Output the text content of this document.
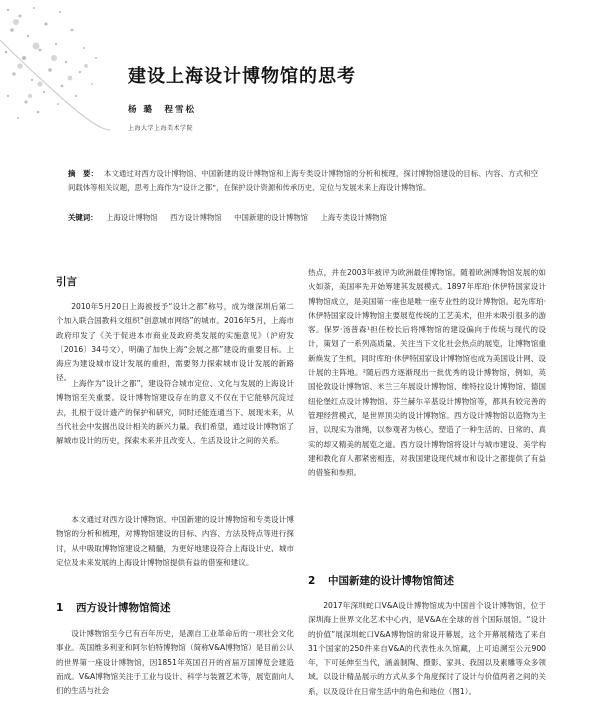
建设上海设计博物馆的思考
杨 璐　程雪松
上海大学上海美术学院
摘　要： 本文通过对西方设计博物馆、中国新建的设计博物馆和上海专类设计博物馆的分析和梳理，探讨博物馆建设的目标、内容、方式和空间载体等相关议题，思考上海作为“设计之都”，在保护设计资源和传承历史、定位与发展未来上海设计博物馆。
关键词： 上海设计博物馆 西方设计博物馆 中国新建的设计博物馆 上海专类设计博物馆
引言

2010年5月20日上海被授予“设计之都”称号，成为继深圳后第二个加入联合国教科文组织“创意城市网络”的城市。2016年5月，上海市政府印发了《关于促进本市商业及政府类发展的实施意见》（沪府发〔2016〕34号文），明确了加快上海“会展之都”建设的重要目标。上海应为建设城市设计发展的重担，需要努力探索城市设计发展的新路径。

上海作为“设计之都”，建设符合城市定位、文化与发展的上海设计博物馆至关重要。设计博物馆建设存在的意义不仅在于它能够沉淀过去，扎根于设计遗产的保护和研究，同时还能连通当下、展现未来，从当代社会中发掘出设计相关的新兴力量。我们希望，通过设计博物馆了解城市设计的历史，探索未来并且改变人、生活及设计之间的关系。

本文通过对西方设计博物馆、中国新建的设计博物馆和专类设计博物馆的分析和梳理，对博物馆建设的目标、内容、方法及特点等进行探讨，从中吸取博物馆建设之精髓，为更好地建设符合上海设计史、城市定位及未来发展的上海设计博物馆提供有益的借鉴和建议。

1 西方设计博物馆简述

设计博物馆至今已有百年历史，是源自工业革命后的一项社会文化事业。英国维多利亚和阿尔伯特博物馆（简称V&A博物馆）是目前公认的世界第一座设计博物馆，因1851年英国召开的首届万国博览会建造而成。V&A博物馆关注于工业与设计、科学与装置艺术等，展览面向人们的生活与社会

热点，并在2003年被评为欧洲最佳博物馆。随着欧洲博物馆发展的如火如荼，美国率先开始筹建其发展模式。1897年库珀·休伊特国家设计博物馆成立，是美国第一座也是唯一座专业性的设计博物馆。起先库珀·休伊特国家设计博物馆主要展览传统的工艺美术，但并未吸引很多的游客。保罗·汤普森¹担任校长后将博物馆的建设偏向于传统与现代的设计，策划了一系列高质量、关注当下文化社会热点的展览，让博物馆重新焕发了生机，同时库珀·休伊特国家设计博物馆也成为美国设计网、设计展的主阵地。²随后西方逐渐现出一批优秀的设计博物馆，例如，英国伦敦设计博物馆、米兰三年展设计博物馆、维特拉设计博物馆、德国纽伦堡红点设计博物馆、芬兰赫尔辛基设计博物馆等，都具有较完善的管理经营模式，是世界顶尖的设计博物馆。西方设计博物馆以造物为主旨，以现实为准绳，以参观者为核心，塑造了一种生活的、日常的、真实的却又精美的展览之道。西方设计博物馆将设计与城市建设、美学构建和教化育人都紧密相连，对我国建设现代城市和设计之都提供了有益的借鉴和参照。

2 中国新建的设计博物馆简述

2017年深圳蛇口V&A设计博物馆成为中国首个设计博物馆，位于深圳海上世界文化艺术中心内，是V&A在全球的首个国际展馆。“设计的价值”展深圳蛇口V&A博物馆的常设开幕展，这个开幕展精选了来自31个国家的250件来自V&A的代表性永久馆藏，上可追溯至公元900年，下可延伸至当代，涵盖制陶、摄影、家具、我国以及素雕等众多领域。以设计精品展示的方式从多个角度探讨了设计与价值两者之间的关系，以及设计在日常生活中的角色和地位（图1）。
